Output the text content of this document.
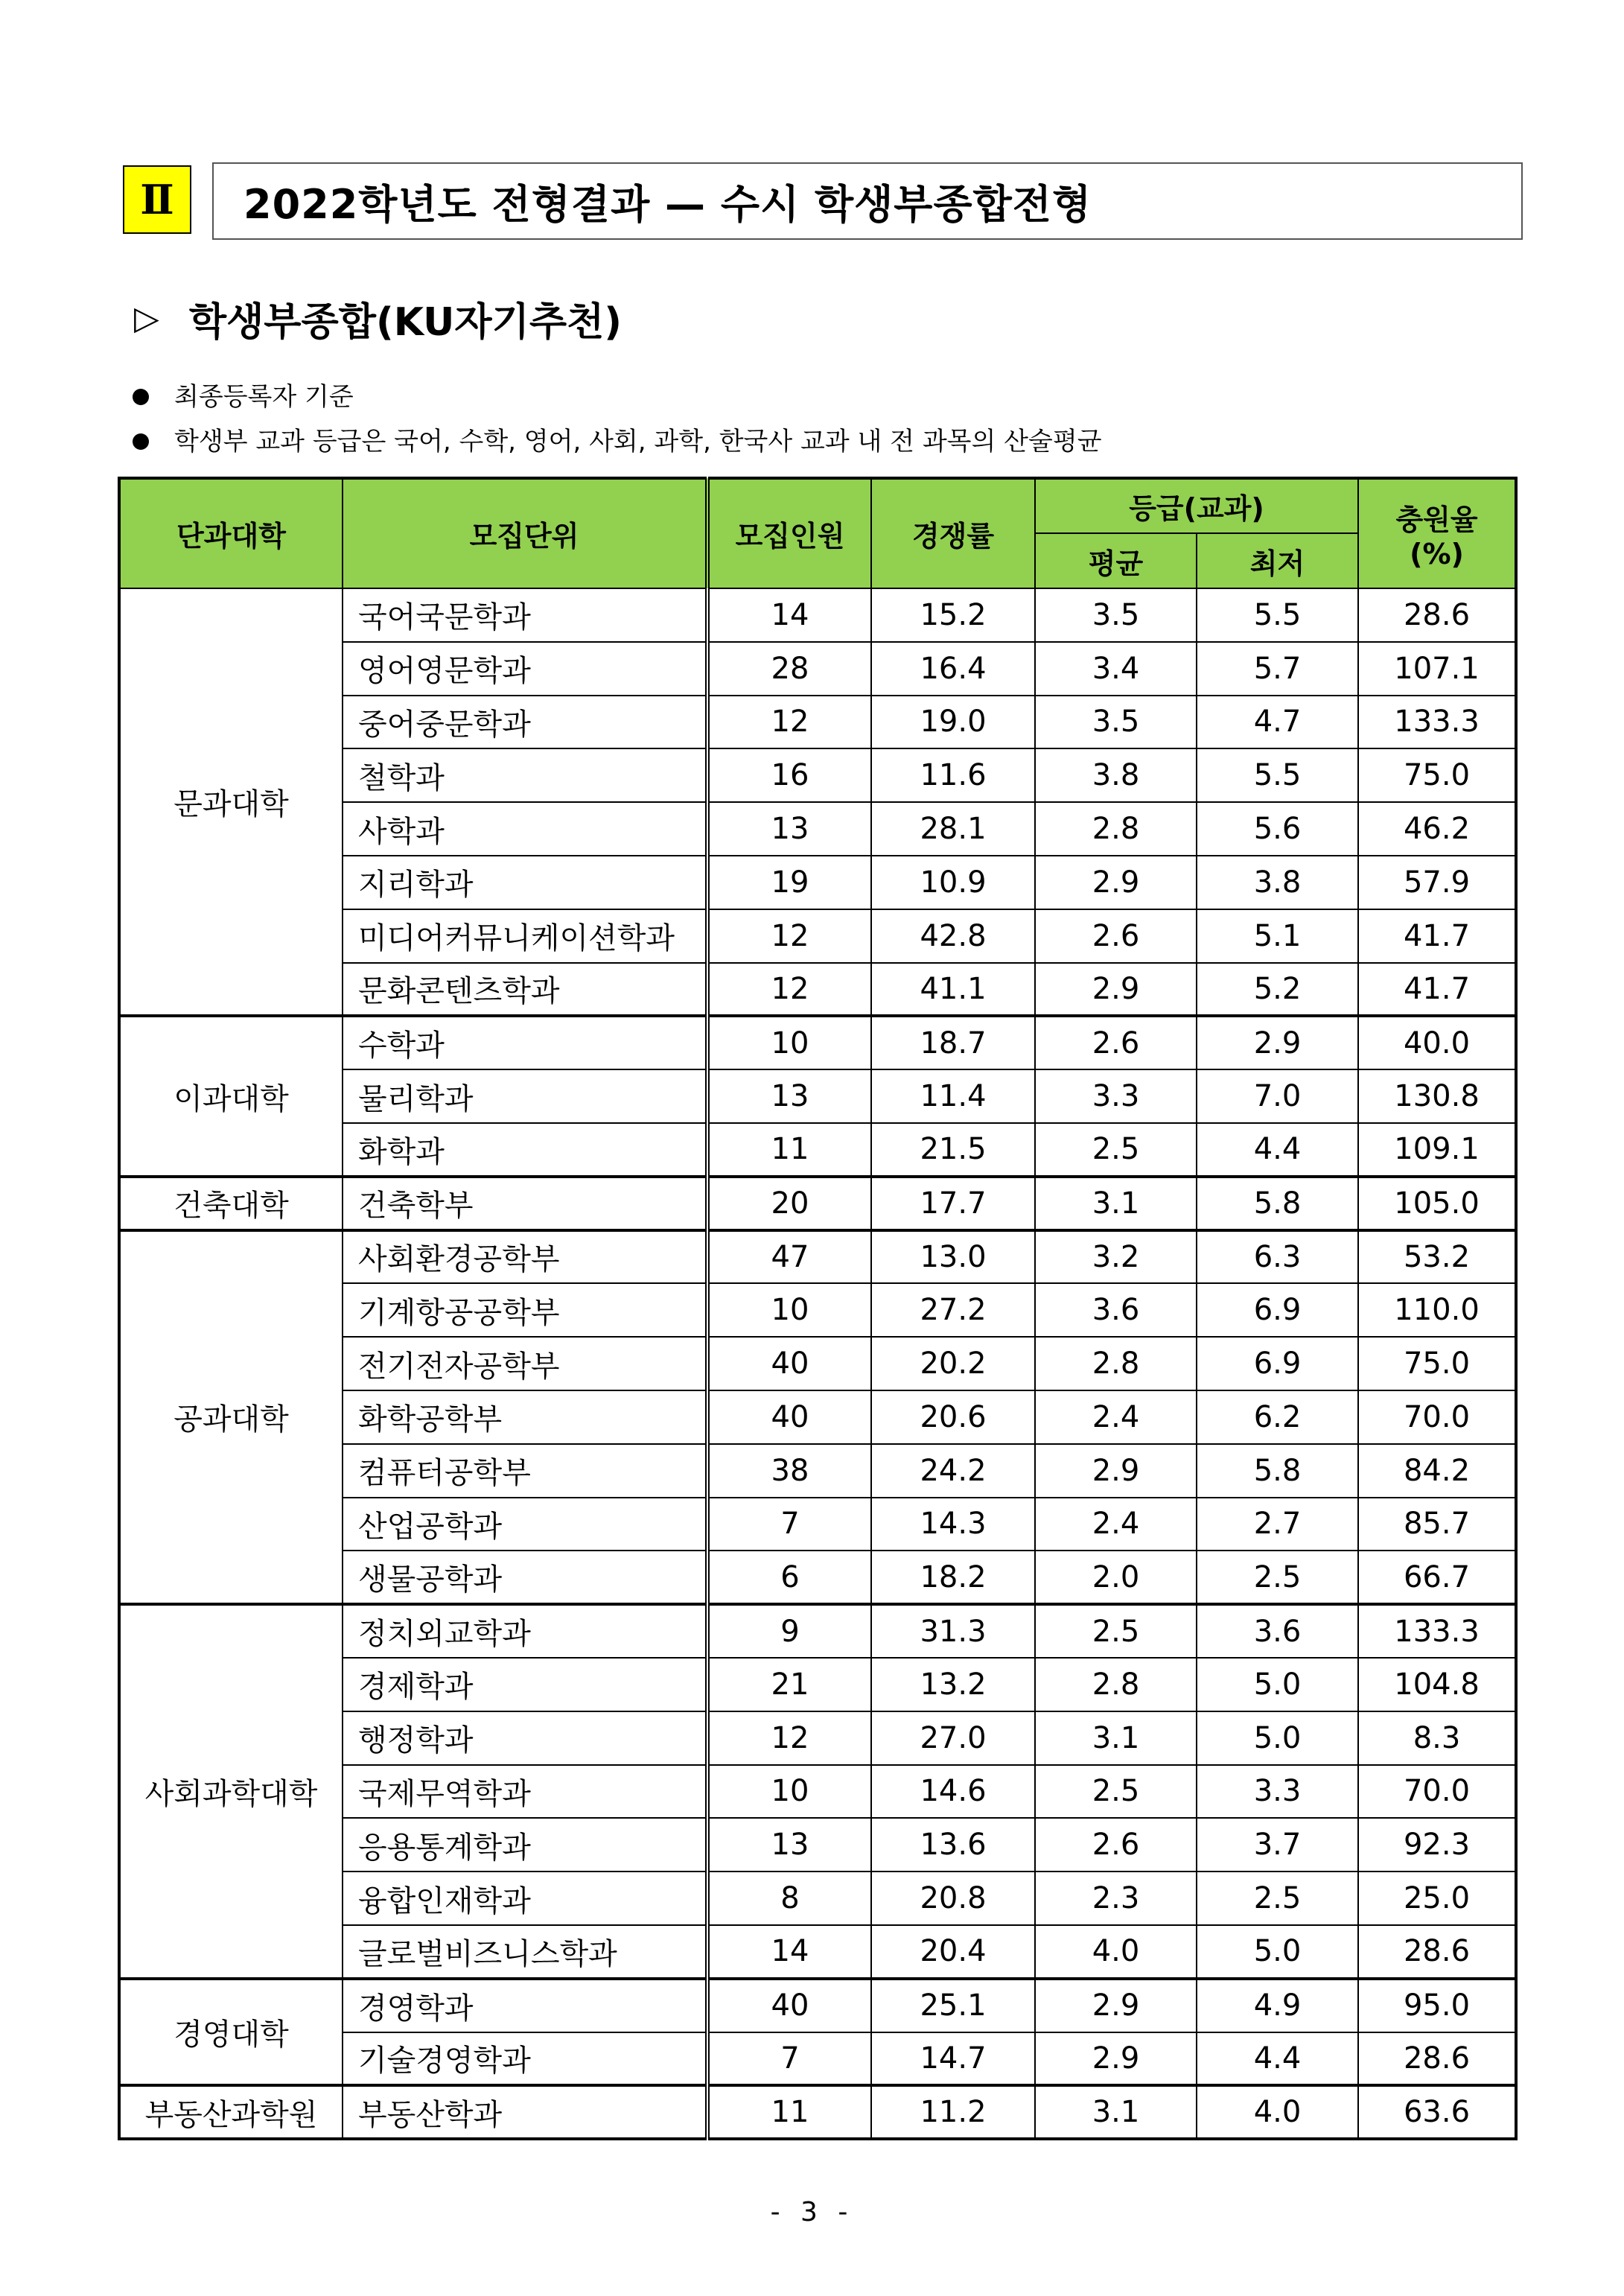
Ⅱ	2022학년도 전형결과 — 수시 학생부종합전형
▷ 학생부종합(KU자기추천)
최종등록자 기준
학생부 교과 등급은 국어, 수학, 영어, 사회, 과학, 한국사 교과 내 전 과목의 산술평균
단과대학	모집단위	모집인원	경쟁률	등급(교과)		충원율
(%)
				평균	최저	
문과대학	국어국문학과	14	15.2	3.5	5.5	28.6
	영어영문학과	28	16.4	3.4	5.7	107.1
	중어중문학과	12	19.0	3.5	4.7	133.3
	철학과	16	11.6	3.8	5.5	75.0
	사학과	13	28.1	2.8	5.6	46.2
	지리학과	19	10.9	2.9	3.8	57.9
	미디어커뮤니케이션학과	12	42.8	2.6	5.1	41.7
	문화콘텐츠학과	12	41.1	2.9	5.2	41.7
이과대학	수학과	10	18.7	2.6	2.9	40.0
	물리학과	13	11.4	3.3	7.0	130.8
	화학과	11	21.5	2.5	4.4	109.1
건축대학	건축학부	20	17.7	3.1	5.8	105.0
공과대학	사회환경공학부	47	13.0	3.2	6.3	53.2
	기계항공공학부	10	27.2	3.6	6.9	110.0
	전기전자공학부	40	20.2	2.8	6.9	75.0
	화학공학부	40	20.6	2.4	6.2	70.0
	컴퓨터공학부	38	24.2	2.9	5.8	84.2
	산업공학과	7	14.3	2.4	2.7	85.7
	생물공학과	6	18.2	2.0	2.5	66.7
사회과학대학	정치외교학과	9	31.3	2.5	3.6	133.3
	경제학과	21	13.2	2.8	5.0	104.8
	행정학과	12	27.0	3.1	5.0	8.3
	국제무역학과	10	14.6	2.5	3.3	70.0
	응용통계학과	13	13.6	2.6	3.7	92.3
	융합인재학과	8	20.8	2.3	2.5	25.0
	글로벌비즈니스학과	14	20.4	4.0	5.0	28.6
경영대학	경영학과	40	25.1	2.9	4.9	95.0
	기술경영학과	7	14.7	2.9	4.4	28.6
부동산과학원	부동산학과	11	11.2	3.1	4.0	63.6
- 3 -
